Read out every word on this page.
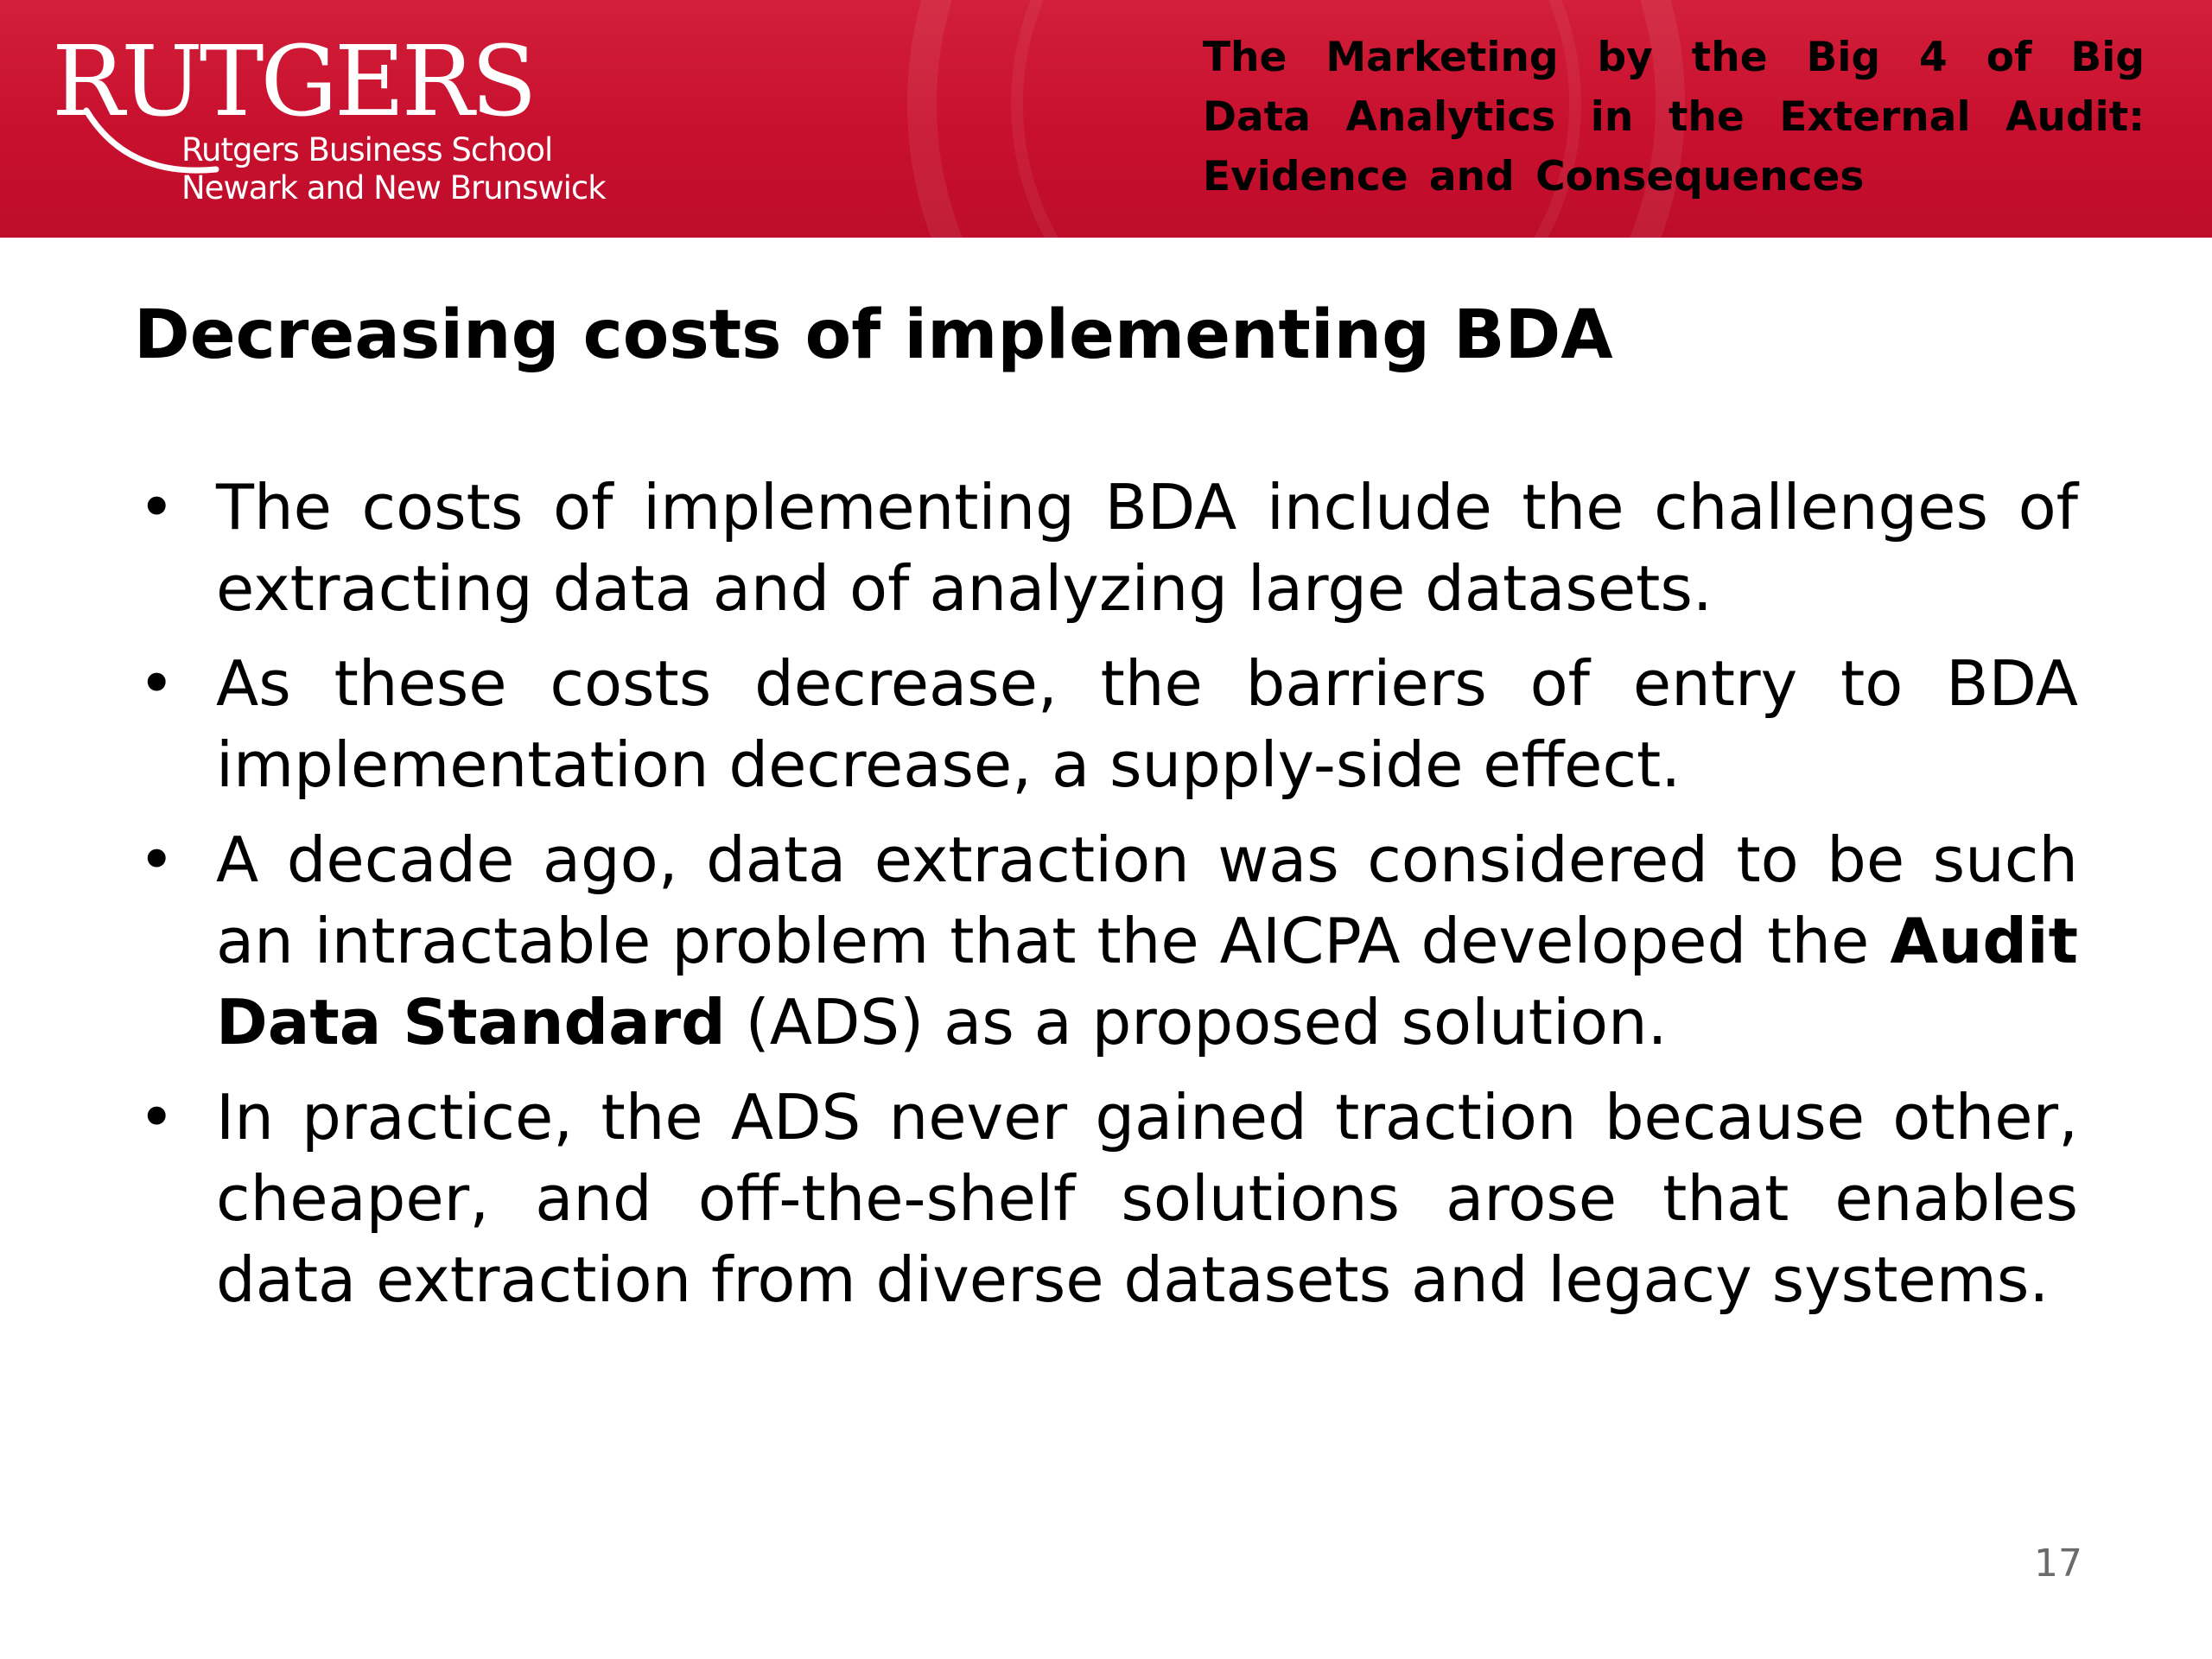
RUTGERS
Rutgers Business School
Newark and New Brunswick
The Marketing by the Big 4 of Big Data Analytics in the External Audit: Evidence and Consequences
Decreasing costs of implementing BDA
• The costs of implementing BDA include the challenges of extracting data and of analyzing large datasets.
• As these costs decrease, the barriers of entry to BDA implementation decrease, a supply-side effect.
• A decade ago, data extraction was considered to be such an intractable problem that the AICPA developed the Audit Data Standard (ADS) as a proposed solution.
• In practice, the ADS never gained traction because other, cheaper, and off-the-shelf solutions arose that enables data extraction from diverse datasets and legacy systems.
17
